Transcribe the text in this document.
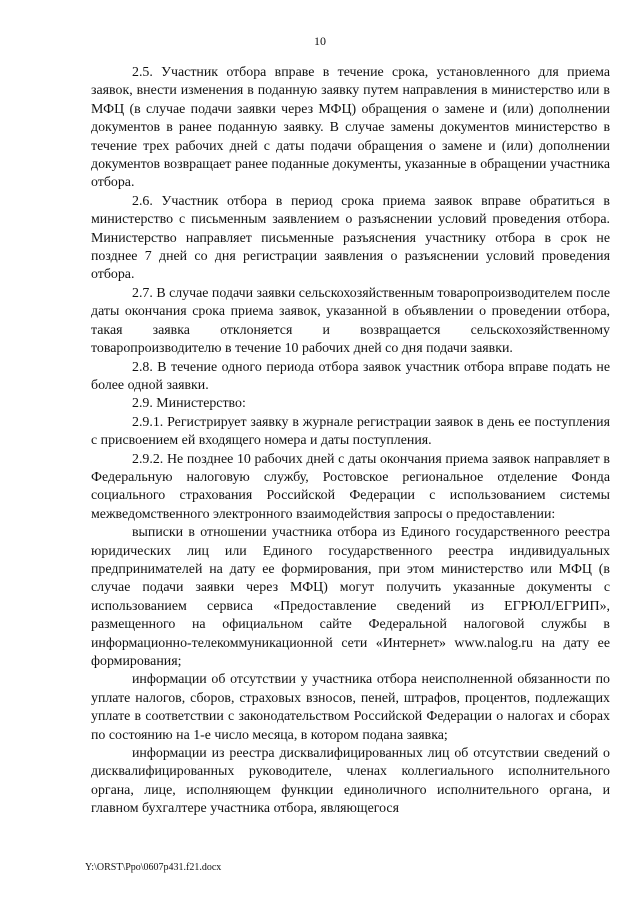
10

2.5. Участник отбора вправе в течение срока, установленного для приема заявок, внести изменения в поданную заявку путем направления в министерство или в МФЦ (в случае подачи заявки через МФЦ) обращения о замене и (или) дополнении документов в ранее поданную заявку. В случае замены документов министерство в течение трех рабочих дней с даты подачи обращения о замене и (или) дополнении документов возвращает ранее поданные документы, указанные в обращении участника отбора.

2.6. Участник отбора в период срока приема заявок вправе обратиться в министерство с письменным заявлением о разъяснении условий проведения отбора. Министерство направляет письменные разъяснения участнику отбора в срок не позднее 7 дней со дня регистрации заявления о разъяснении условий проведения отбора.

2.7. В случае подачи заявки сельскохозяйственным товаропроизводителем после даты окончания срока приема заявок, указанной в объявлении о проведении отбора, такая заявка отклоняется и возвращается сельскохозяйственному товаропроизводителю в течение 10 рабочих дней со дня подачи заявки.

2.8. В течение одного периода отбора заявок участник отбора вправе подать не более одной заявки.

2.9. Министерство:

2.9.1. Регистрирует заявку в журнале регистрации заявок в день ее поступления с присвоением ей входящего номера и даты поступления.

2.9.2. Не позднее 10 рабочих дней с даты окончания приема заявок направляет в Федеральную налоговую службу, Ростовское региональное отделение Фонда социального страхования Российской Федерации с использованием системы межведомственного электронного взаимодействия запросы о предоставлении:

выписки в отношении участника отбора из Единого государственного реестра юридических лиц или Единого государственного реестра индивидуальных предпринимателей на дату ее формирования, при этом министерство или МФЦ (в случае подачи заявки через МФЦ) могут получить указанные документы с использованием сервиса «Предоставление сведений из ЕГРЮЛ/ЕГРИП», размещенного на официальном сайте Федеральной налоговой службы в информационно-телекоммуникационной сети «Интернет» www.nalog.ru на дату ее формирования;

информации об отсутствии у участника отбора неисполненной обязанности по уплате налогов, сборов, страховых взносов, пеней, штрафов, процентов, подлежащих уплате в соответствии с законодательством Российской Федерации о налогах и сборах по состоянию на 1-е число месяца, в котором подана заявка;

информации из реестра дисквалифицированных лиц об отсутствии сведений о дисквалифицированных руководителе, членах коллегиального исполнительного органа, лице, исполняющем функции единоличного исполнительного органа, и главном бухгалтере участника отбора, являющегося

Y:\ORST\Ppo\0607p431.f21.docx
